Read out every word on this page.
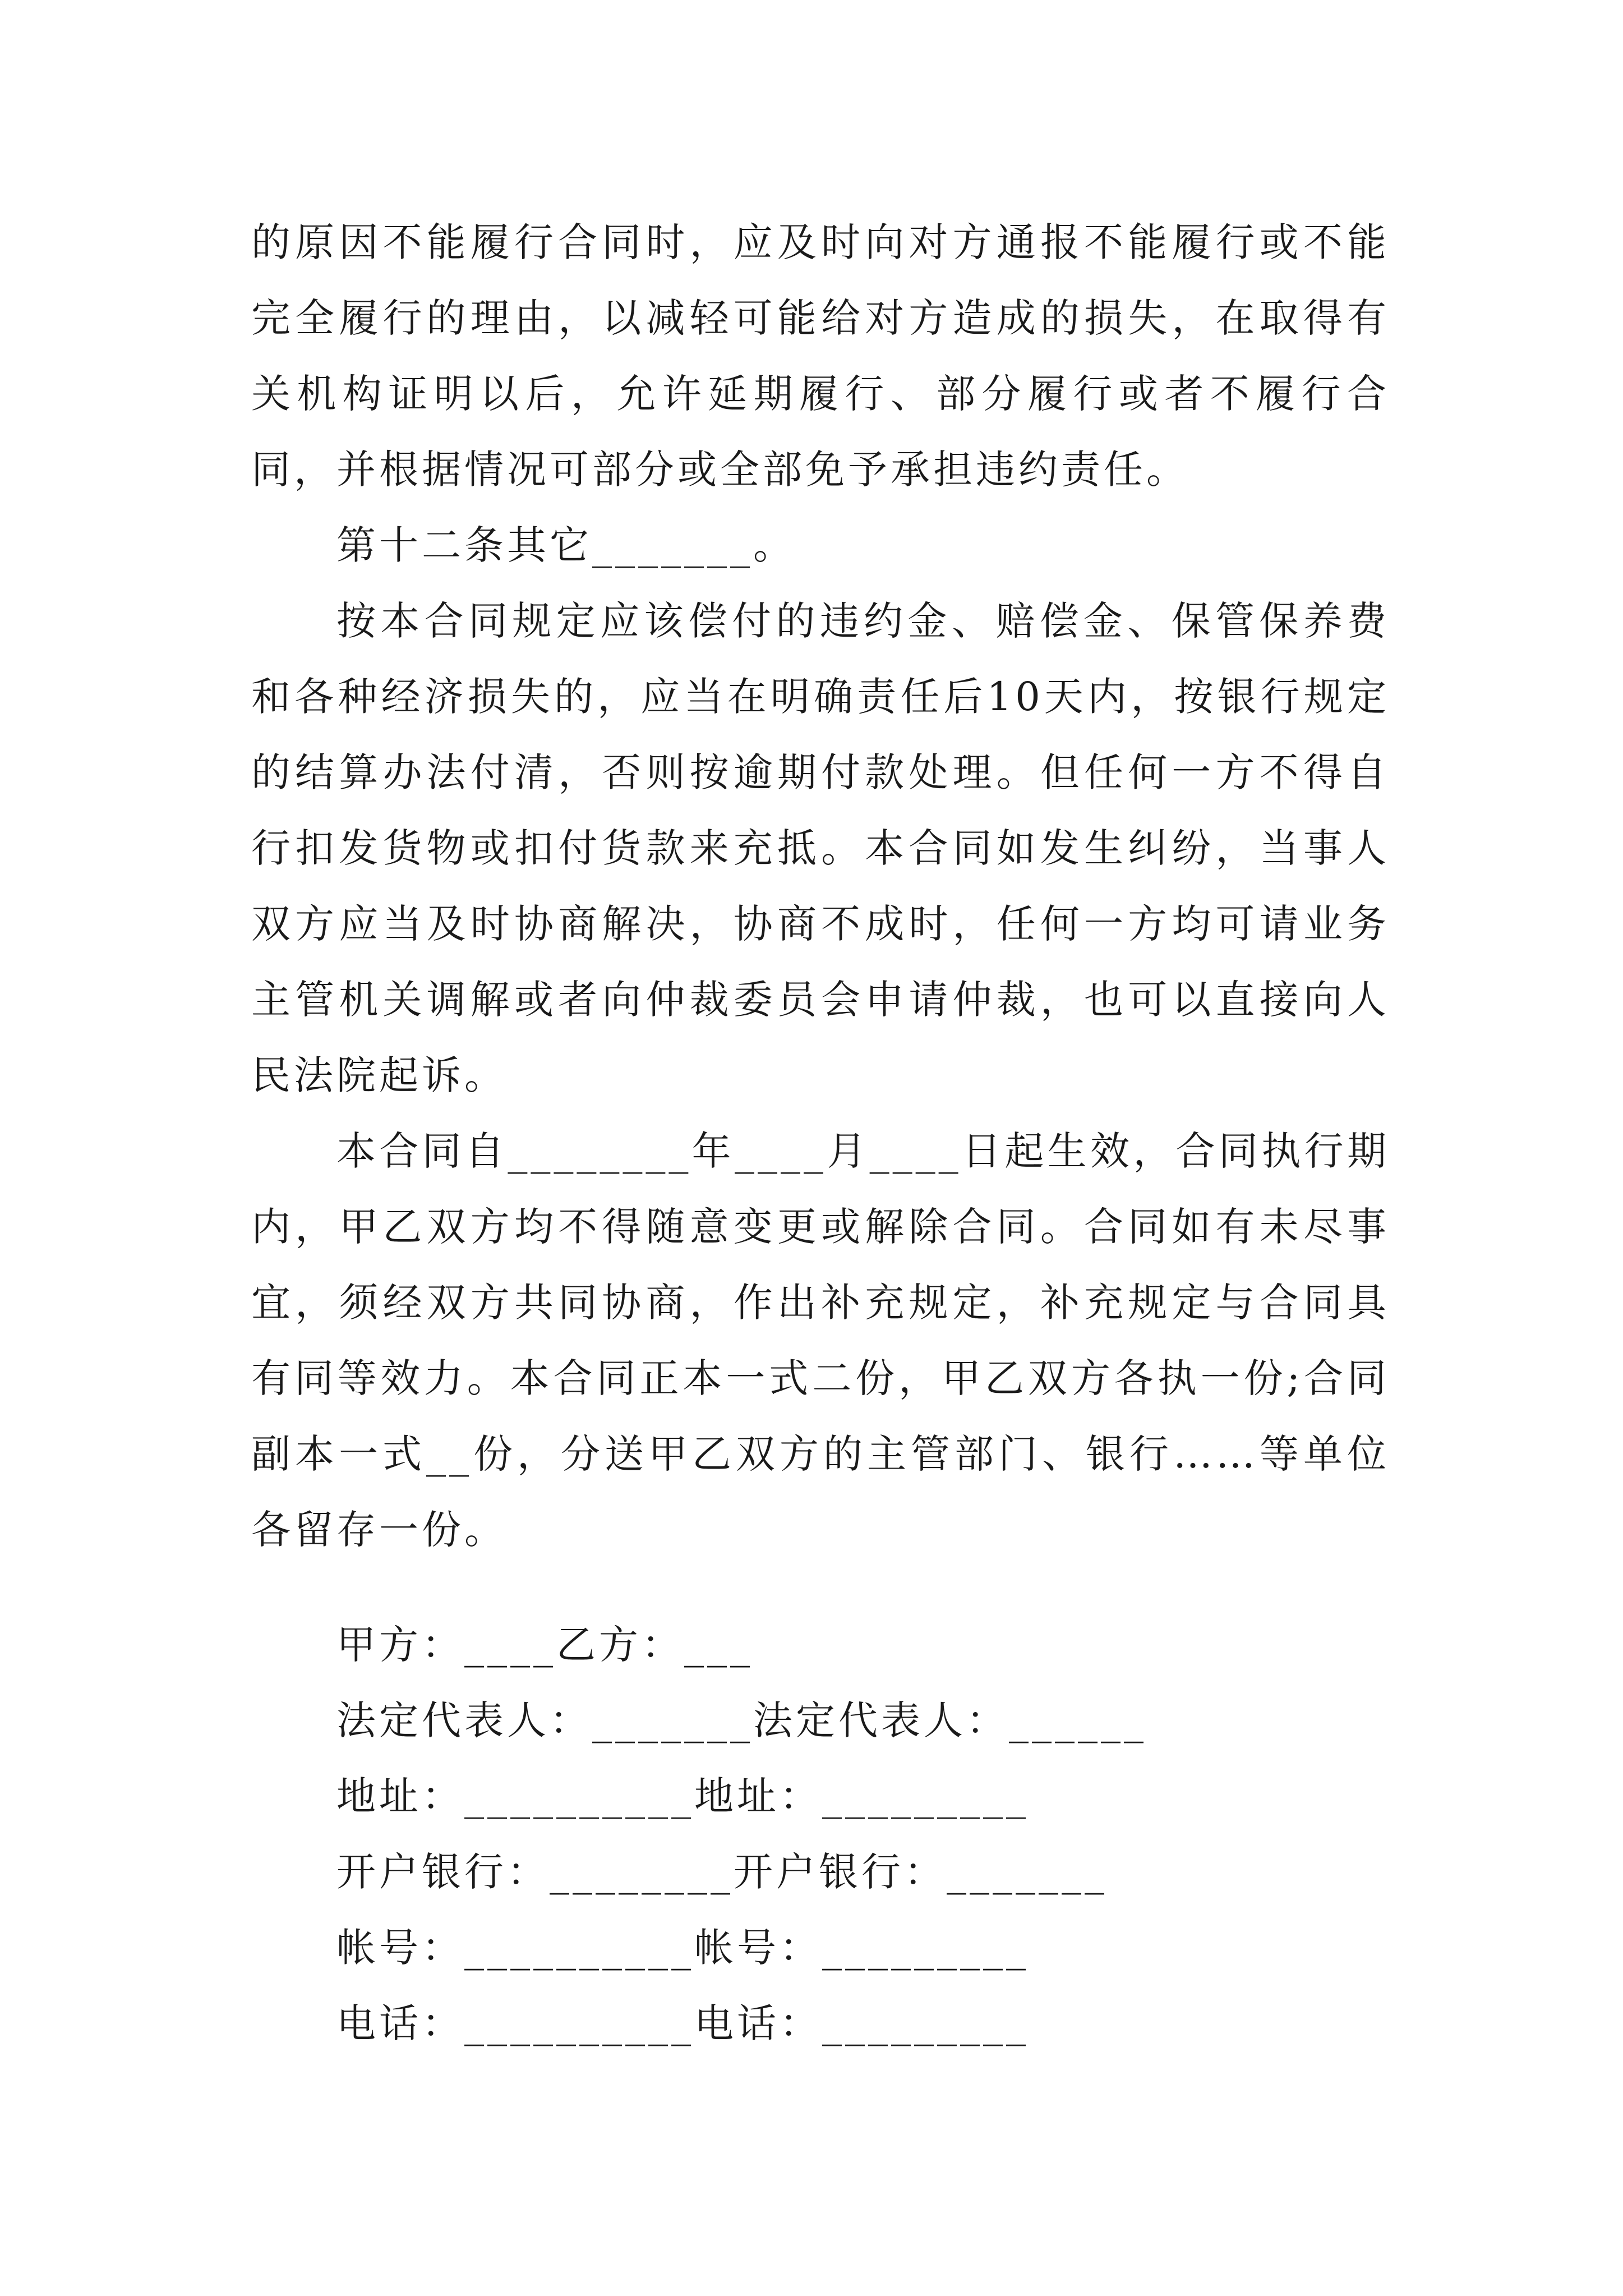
的原因不能履行合同时，应及时向对方通报不能履行或不能完全履行的理由，以减轻可能给对方造成的损失，在取得有关机构证明以后，允许延期履行、部分履行或者不履行合同，并根据情况可部分或全部免予承担违约责任。

第十二条其它_______。

按本合同规定应该偿付的违约金、赔偿金、保管保养费和各种经济损失的，应当在明确责任后10天内，按银行规定的结算办法付清，否则按逾期付款处理。但任何一方不得自行扣发货物或扣付货款来充抵。本合同如发生纠纷，当事人双方应当及时协商解决，协商不成时，任何一方均可请业务主管机关调解或者向仲裁委员会申请仲裁，也可以直接向人民法院起诉。

本合同自________年____月____日起生效，合同执行期内，甲乙双方均不得随意变更或解除合同。合同如有未尽事宜，须经双方共同协商，作出补充规定，补充规定与合同具有同等效力。本合同正本一式二份，甲乙双方各执一份;合同副本一式__份，分送甲乙双方的主管部门、银行……等单位各留存一份。

甲方：____乙方：___

法定代表人：_______法定代表人：______

地址：__________地址：_________

开户银行：________开户银行：_______

帐号：__________帐号：_________

电话：__________电话：_________
